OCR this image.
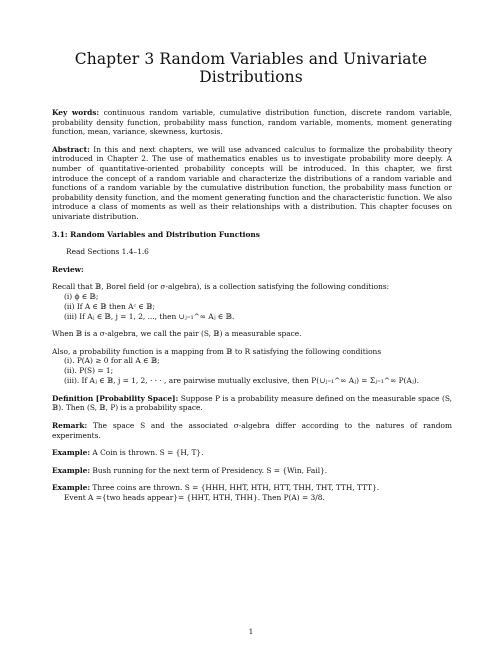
Chapter 3 Random Variables and Univariate
Distributions

Key words: continuous random variable, cumulative distribution function, discrete random variable, probability density function, probability mass function, random variable, moments, moment generating function, mean, variance, skewness, kurtosis.

Abstract: In this and next chapters, we will use advanced calculus to formalize the probability theory introduced in Chapter 2. The use of mathematics enables us to investigate probability more deeply. A number of quantitative-oriented probability concepts will be introduced. In this chapter, we first introduce the concept of a random variable and characterize the distributions of a random variable and functions of a random variable by the cumulative distribution function, the probability mass function or probability density function, and the moment generating function and the characteristic function. We also introduce a class of moments as well as their relationships with a distribution. This chapter focuses on univariate distribution.

3.1: Random Variables and Distribution Functions

Read Sections 1.4–1.6

Review:

Recall that 𝔹, Borel field (or σ-algebra), is a collection satisfying the following conditions:
(i) ϕ ∈ 𝔹;
(ii) If A ∈ 𝔹 then Aᶜ ∈ 𝔹;
(iii) If Aⱼ ∈ 𝔹, j = 1, 2, ..., then ∪ⱼ₌₁^∞ Aⱼ ∈ 𝔹.

When 𝔹 is a σ-algebra, we call the pair (S, 𝔹) a measurable space.

Also, a probability function is a mapping from 𝔹 to R satisfying the following conditions
(i). P(A) ≥ 0 for all A ∈ 𝔹;
(ii). P(S) = 1;
(iii). If Aⱼ ∈ 𝔹, j = 1, 2, · · · , are pairwise mutually exclusive, then P(∪ⱼ₌₁^∞ Aⱼ) = Σⱼ₌₁^∞ P(Aⱼ).

Definition [Probability Space]: Suppose P is a probability measure defined on the measurable space (S, 𝔹). Then (S, 𝔹, P) is a probability space.

Remark: The space S and the associated σ-algebra differ according to the natures of random experiments.

Example: A Coin is thrown. S = {H, T}.

Example: Bush running for the next term of Presidency. S = {Win, Fail}.

Example: Three coins are thrown. S = {HHH, HHT, HTH, HTT, THH, THT, TTH, TTT}.
Event A ={two heads appear}= {HHT, HTH, THH}. Then P(A) = 3/8.

1
